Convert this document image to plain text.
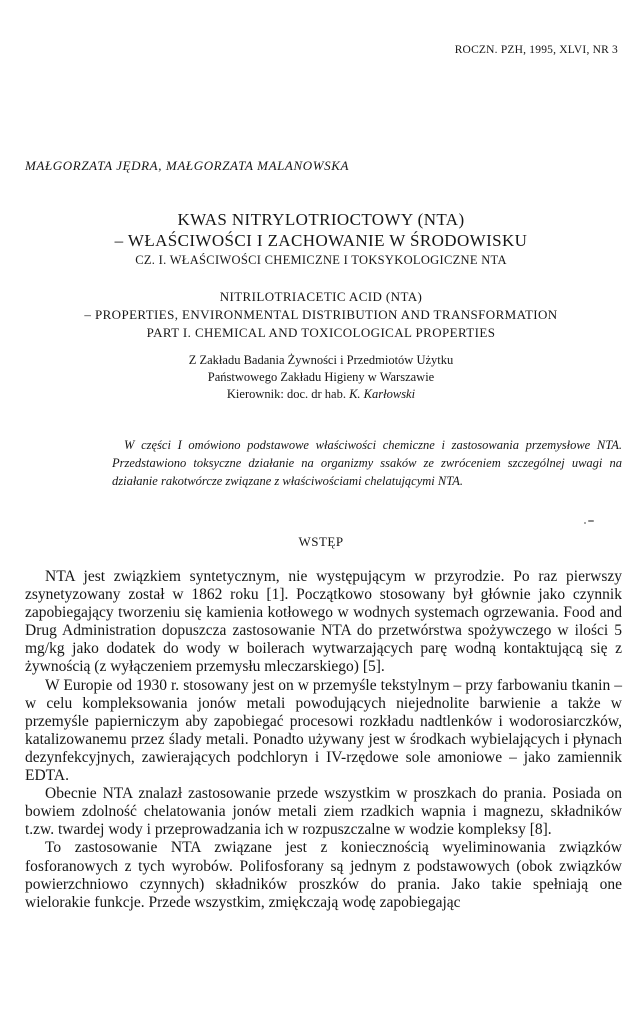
ROCZN. PZH, 1995, XLVI, NR 3
MAŁGORZATA JĘDRA, MAŁGORZATA MALANOWSKA
KWAS NITRYLOTRIOCTOWY (NTA)
– WŁAŚCIWOŚCI I ZACHOWANIE W ŚRODOWISKU
CZ. I. WŁAŚCIWOŚCI CHEMICZNE I TOKSYKOLOGICZNE NTA
NITRILOTRIACETIC ACID (NTA)
– PROPERTIES, ENVIRONMENTAL DISTRIBUTION AND TRANSFORMATION
PART I. CHEMICAL AND TOXICOLOGICAL PROPERTIES
Z Zakładu Badania Żywności i Przedmiotów Użytku
Państwowego Zakładu Higieny w Warszawie
Kierownik: doc. dr hab. K. Karłowski

W części I omówiono podstawowe właściwości chemiczne i zastosowania przemysłowe NTA. Przedstawiono toksyczne działanie na organizmy ssaków ze zwróceniem szczególnej uwagi na działanie rakotwórcze związane z właściwościami chelatującymi NTA.

WSTĘP

NTA jest związkiem syntetycznym, nie występującym w przyrodzie. Po raz pierwszy zsynetyzowany został w 1862 roku [1]. Początkowo stosowany był głównie jako czynnik zapobiegający tworzeniu się kamienia kotłowego w wodnych systemach ogrzewania. Food and Drug Administration dopuszcza zastosowanie NTA do przetwórstwa spożywczego w ilości 5 mg/kg jako dodatek do wody w boilerach wytwarzających parę wodną kontaktującą się z żywnością (z wyłączeniem przemysłu mleczarskiego) [5].

W Europie od 1930 r. stosowany jest on w przemyśle tekstylnym – przy farbowaniu tkanin – w celu kompleksowania jonów metali powodujących niejednolite barwienie a także w przemyśle papierniczym aby zapobiegać procesowi rozkładu nadtlenków i wodorosiarczków, katalizowanemu przez ślady metali. Ponadto używany jest w środkach wybielających i płynach dezynfekcyjnych, zawierających podchloryn i IV-rzędowe sole amoniowe – jako zamiennik EDTA.

Obecnie NTA znalazł zastosowanie przede wszystkim w proszkach do prania. Posiada on bowiem zdolność chelatowania jonów metali ziem rzadkich wapnia i magnezu, składników t.zw. twardej wody i przeprowadzania ich w rozpuszczalne w wodzie kompleksy [8].

To zastosowanie NTA związane jest z koniecznością wyeliminowania związków fosforanowych z tych wyrobów. Polifosforany są jednym z podstawowych (obok związków powierzchniowo czynnych) składników proszków do prania. Jako takie spełniają one wielorakie funkcje. Przede wszystkim, zmiękczają wodę zapobiegając
